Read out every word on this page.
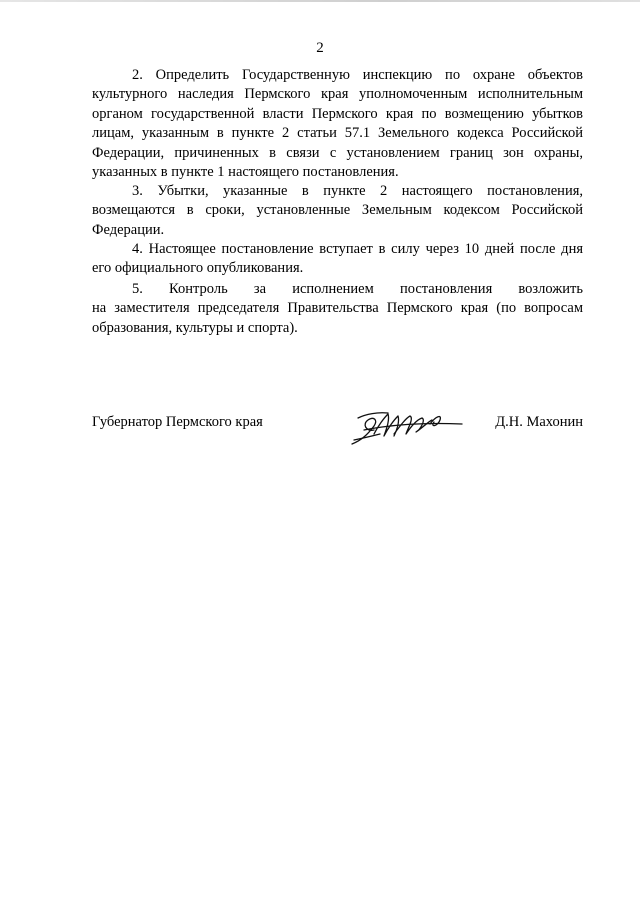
2
2. Определить Государственную инспекцию по охране объектов
культурного наследия Пермского края уполномоченным исполнительным
органом государственной власти Пермского края по возмещению убытков
лицам, указанным в пункте 2 статьи 57.1 Земельного кодекса Российской
Федерации, причиненных в связи с установлением границ зон охраны,
указанных в пункте 1 настоящего постановления.
3. Убытки, указанные в пункте 2 настоящего постановления,
возмещаются в сроки, установленные Земельным кодексом Российской
Федерации.
4. Настоящее постановление вступает в силу через 10 дней после дня
его официального опубликования.
5. Контроль за исполнением постановления возложить
на заместителя председателя Правительства Пермского края (по вопросам
образования, культуры и спорта).
Губернатор Пермского края	Д.Н. Махонин
